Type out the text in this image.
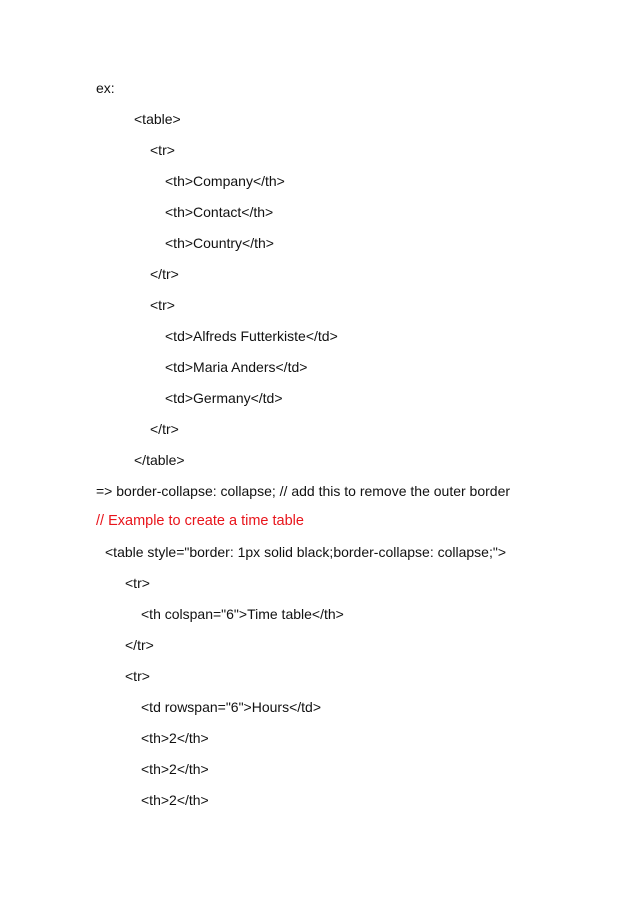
ex:
<table>
<tr>
<th>Company</th>
<th>Contact</th>
<th>Country</th>
</tr>
<tr>
<td>Alfreds Futterkiste</td>
<td>Maria Anders</td>
<td>Germany</td>
</tr>
</table>
=> border-collapse: collapse; // add this to remove the outer border
// Example to create a time table
<table style="border: 1px solid black;border-collapse: collapse;">
<tr>
<th colspan="6">Time table</th>
</tr>
<tr>
<td rowspan="6">Hours</td>
<th>2</th>
<th>2</th>
<th>2</th>
